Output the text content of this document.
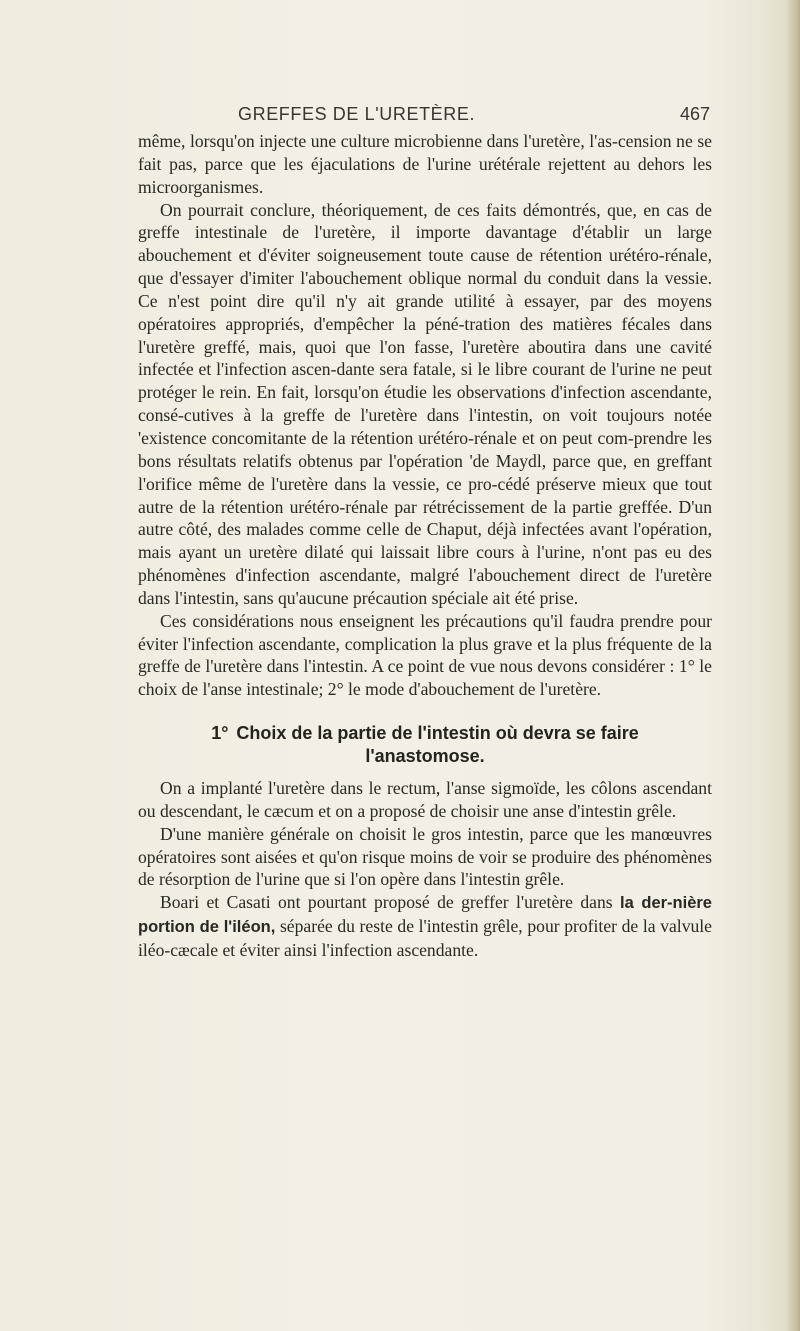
GREFFES DE L'URETÈRE.	467

même, lorsqu'on injecte une culture microbienne dans l'uretère, l'as-cension ne se fait pas, parce que les éjaculations de l'urine urétérale rejettent au dehors les microorganismes.

On pourrait conclure, théoriquement, de ces faits démontrés, que, en cas de greffe intestinale de l'uretère, il importe davantage d'établir un large abouchement et d'éviter soigneusement toute cause de rétention urétéro-rénale, que d'essayer d'imiter l'abouchement oblique normal du conduit dans la vessie. Ce n'est point dire qu'il n'y ait grande utilité à essayer, par des moyens opératoires appropriés, d'empêcher la péné-tration des matières fécales dans l'uretère greffé, mais, quoi que l'on fasse, l'uretère aboutira dans une cavité infectée et l'infection ascen-dante sera fatale, si le libre courant de l'urine ne peut protéger le rein. En fait, lorsqu'on étudie les observations d'infection ascendante, consé-cutives à la greffe de l'uretère dans l'intestin, on voit toujours notée 'existence concomitante de la rétention urétéro-rénale et on peut com-prendre les bons résultats relatifs obtenus par l'opération 'de Maydl, parce que, en greffant l'orifice même de l'uretère dans la vessie, ce pro-cédé préserve mieux que tout autre de la rétention urétéro-rénale par rétrécissement de la partie greffée. D'un autre côté, des malades comme celle de Chaput, déjà infectées avant l'opération, mais ayant un uretère dilaté qui laissait libre cours à l'urine, n'ont pas eu des phénomènes d'infection ascendante, malgré l'abouchement direct de l'uretère dans l'intestin, sans qu'aucune précaution spéciale ait été prise.

Ces considérations nous enseignent les précautions qu'il faudra prendre pour éviter l'infection ascendante, complication la plus grave et la plus fréquente de la greffe de l'uretère dans l'intestin. A ce point de vue nous devons considérer : 1° le choix de l'anse intestinale; 2° le mode d'abouchement de l'uretère.

1° Choix de la partie de l'intestin où devra se faire
l'anastomose.

On a implanté l'uretère dans le rectum, l'anse sigmoïde, les côlons ascendant ou descendant, le cæcum et on a proposé de choisir une anse d'intestin grêle.

D'une manière générale on choisit le gros intestin, parce que les manœuvres opératoires sont aisées et qu'on risque moins de voir se produire des phénomènes de résorption de l'urine que si l'on opère dans l'intestin grêle.

Boari et Casati ont pourtant proposé de greffer l'uretère dans la der-nière portion de l'iléon, séparée du reste de l'intestin grêle, pour profiter de la valvule iléo-cæcale et éviter ainsi l'infection ascendante.
